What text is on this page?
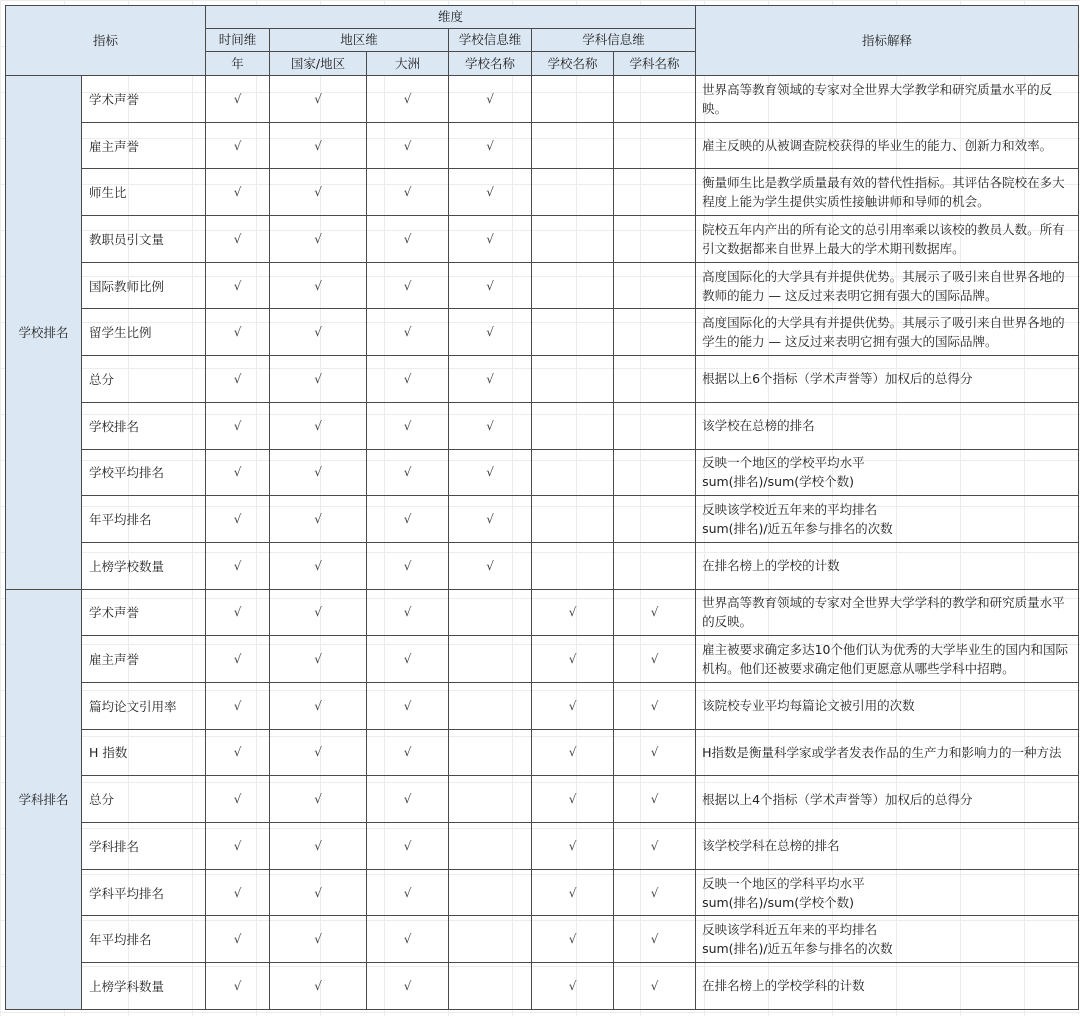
指标		维度						指标解释
		时间维	地区维		学校信息维	学科信息维		
		年	国家/地区	大洲	学校名称	学校名称	学科名称	
学校排名	学术声誉	√	√	√	√			世界高等教育领域的专家对全世界大学教学和研究质量水平的反映。

	雇主声誉	√	√	√	√			雇主反映的从被调查院校获得的毕业生的能力、创新力和效率。

	师生比	√	√	√	√			衡量师生比是教学质量最有效的替代性指标。其评估各院校在多大程度上能为学生提供实质性接触讲师和导师的机会。

	教职员引文量	√	√	√	√			院校五年内产出的所有论文的总引用率乘以该校的教员人数。所有引文数据都来自世界上最大的学术期刊数据库。

	国际教师比例	√	√	√	√			高度国际化的大学具有并提供优势。其展示了吸引来自世界各地的教师的能力 — 这反过来表明它拥有强大的国际品牌。

	留学生比例	√	√	√	√			高度国际化的大学具有并提供优势。其展示了吸引来自世界各地的学生的能力 — 这反过来表明它拥有强大的国际品牌。

	总分	√	√	√	√			根据以上6个指标（学术声誉等）加权后的总得分

	学校排名	√	√	√	√			该学校在总榜的排名

	学校平均排名	√	√	√	√			反映一个地区的学校平均水平
sum(排名)/sum(学校个数)

	年平均排名	√	√	√	√			反映该学校近五年来的平均排名
sum(排名)/近五年参与排名的次数

	上榜学校数量	√	√	√	√			在排名榜上的学校的计数

学科排名	学术声誉	√	√	√		√	√	世界高等教育领域的专家对全世界大学学科的教学和研究质量水平的反映。

	雇主声誉	√	√	√		√	√	雇主被要求确定多达10个他们认为优秀的大学毕业生的国内和国际机构。他们还被要求确定他们更愿意从哪些学科中招聘。

	篇均论文引用率	√	√	√		√	√	该院校专业平均每篇论文被引用的次数

	H 指数	√	√	√		√	√	H指数是衡量科学家或学者发表作品的生产力和影响力的一种方法

	总分	√	√	√		√	√	根据以上4个指标（学术声誉等）加权后的总得分

	学科排名	√	√	√		√	√	该学校学科在总榜的排名

	学科平均排名	√	√	√		√	√	反映一个地区的学科平均水平
sum(排名)/sum(学校个数)

	年平均排名	√	√	√		√	√	反映该学科近五年来的平均排名
sum(排名)/近五年参与排名的次数

	上榜学科数量	√	√	√		√	√	在排名榜上的学校学科的计数
